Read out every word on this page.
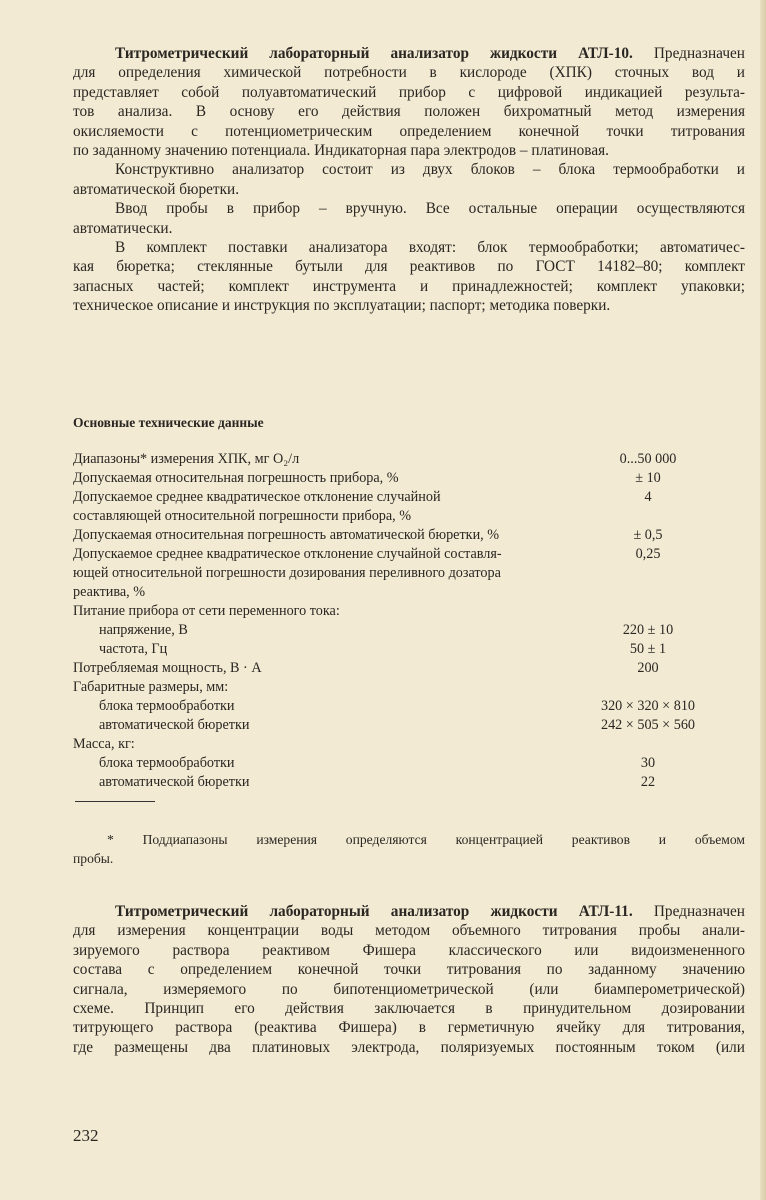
Титрометрический лабораторный анализатор жидкости АТЛ-10. Предназначен
для определения химической потребности в кислороде (ХПК) сточных вод и
представляет собой полуавтоматический прибор с цифровой индикацией результа-
тов анализа. В основу его действия положен бихроматный метод измерения
окисляемости с потенциометрическим определением конечной точки титрования
по заданному значению потенциала. Индикаторная пара электродов – платиновая.
Конструктивно анализатор состоит из двух блоков – блока термообработки и
автоматической бюретки.
Ввод пробы в прибор – вручную. Все остальные операции осуществляются
автоматически.
В комплект поставки анализатора входят: блок термообработки; автоматичес-
кая бюретка; стеклянные бутыли для реактивов по ГОСТ 14182–80; комплект
запасных частей; комплект инструмента и принадлежностей; комплект упаковки;
техническое описание и инструкция по эксплуатации; паспорт; методика поверки.
Основные технические данные
Диапазоны* измерения ХПК, мг O₂/л	0...50 000
Допускаемая относительная погрешность прибора, %	± 10
Допускаемое среднее квадратическое отклонение случайной	4
составляющей относительной погрешности прибора, %
Допускаемая относительная погрешность автоматической бюретки, %	± 0,5
Допускаемое среднее квадратическое отклонение случайной составля-	0,25
ющей относительной погрешности дозирования переливного дозатора
реактива, %
Питание прибора от сети переменного тока:
напряжение, В	220 ± 10
частота, Гц	50 ± 1
Потребляемая мощность, В · А	200
Габаритные размеры, мм:
блока термообработки	320 × 320 × 810
автоматической бюретки	242 × 505 × 560
Масса, кг:
блока термообработки	30
автоматической бюретки	22
* Поддиапазоны измерения определяются концентрацией реактивов и объемом
пробы.
Титрометрический лабораторный анализатор жидкости АТЛ-11. Предназначен
для измерения концентрации воды методом объемного титрования пробы анали-
зируемого раствора реактивом Фишера классического или видоизмененного
состава с определением конечной точки титрования по заданному значению
сигнала, измеряемого по бипотенциометрической (или биамперометрической)
схеме. Принцип его действия заключается в принудительном дозировании
титрующего раствора (реактива Фишера) в герметичную ячейку для титрования,
где размещены два платиновых электрода, поляризуемых постоянным током (или
232
